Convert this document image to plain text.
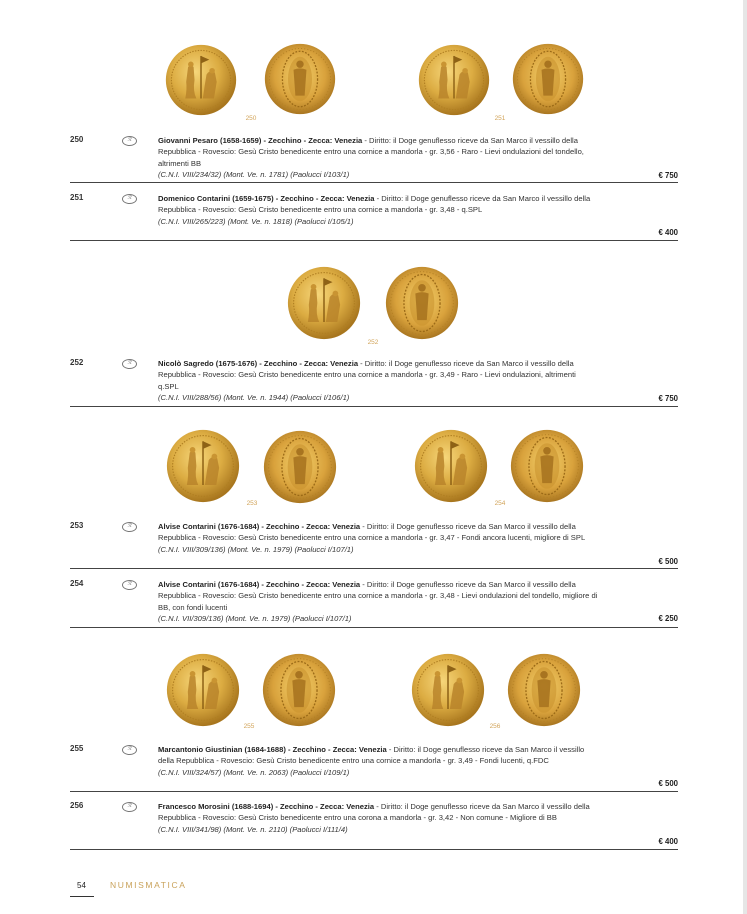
250	251
252
253	254
255	256
250	ℛ	Giovanni Pesaro (1658-1659) - Zecchino - Zecca: Venezia - Diritto: il Doge genuflesso riceve da San Marco il vessillo della Repubblica - Rovescio: Gesù Cristo benedicente entro una cornice a mandorla - gr. 3,56 - Raro - Lievi ondulazioni del tondello, altrimenti BB
(C.N.I. VIII/234/32) (Mont. Ve. n. 1781) (Paolucci I/103/1)	€ 750
251	ℛ	Domenico Contarini (1659-1675) - Zecchino - Zecca: Venezia - Diritto: il Doge genuflesso riceve da San Marco il vessillo della Repubblica - Rovescio: Gesù Cristo benedicente entro una cornice a mandorla - gr. 3,48 - q.SPL
(C.N.I. VIII/265/223) (Mont. Ve. n. 1818) (Paolucci I/105/1)
€ 400
252	ℛ	Nicolò Sagredo (1675-1676) - Zecchino - Zecca: Venezia - Diritto: il Doge genuflesso riceve da San Marco il vessillo della Repubblica - Rovescio: Gesù Cristo benedicente entro una cornice a mandorla - gr. 3,49 - Raro - Lievi ondulazioni, altrimenti q.SPL
(C.N.I. VIII/288/56) (Mont. Ve. n. 1944) (Paolucci I/106/1)	€ 750
253	ℛ	Alvise Contarini (1676-1684) - Zecchino - Zecca: Venezia - Diritto: il Doge genuflesso riceve da San Marco il vessillo della Repubblica - Rovescio: Gesù Cristo benedicente entro una cornice a mandorla - gr. 3,47 - Fondi ancora lucenti, migliore di SPL
(C.N.I. VIII/309/136) (Mont. Ve. n. 1979) (Paolucci I/107/1)
€ 500
254	ℛ	Alvise Contarini (1676-1684) - Zecchino - Zecca: Venezia - Diritto: il Doge genuflesso riceve da San Marco il vessillo della Repubblica - Rovescio: Gesù Cristo benedicente entro una cornice a mandorla - gr. 3,48 - Lievi ondulazioni del tondello, migliore di BB, con fondi lucenti
(C.N.I. VII/309/136) (Mont. Ve. n. 1979) (Paolucci I/107/1)	€ 250
255	ℛ	Marcantonio Giustinian (1684-1688) - Zecchino - Zecca: Venezia - Diritto: il Doge genuflesso riceve da San Marco il vessillo della Repubblica - Rovescio: Gesù Cristo benedicente entro una cornice a mandorla - gr. 3,49 - Fondi lucenti, q.FDC
(C.N.I. VIII/324/57) (Mont. Ve. n. 2063) (Paolucci I/109/1)
€ 500
256	ℛ	Francesco Morosini (1688-1694) - Zecchino - Zecca: Venezia - Diritto: il Doge genuflesso riceve da San Marco il vessillo della Repubblica - Rovescio: Gesù Cristo benedicente entro una corona a mandorla - gr. 3,42 - Non comune - Migliore di BB
(C.N.I. VIII/341/98) (Mont. Ve. n. 2110) (Paolucci I/111/4)
€ 400
54	NUMISMATICA
